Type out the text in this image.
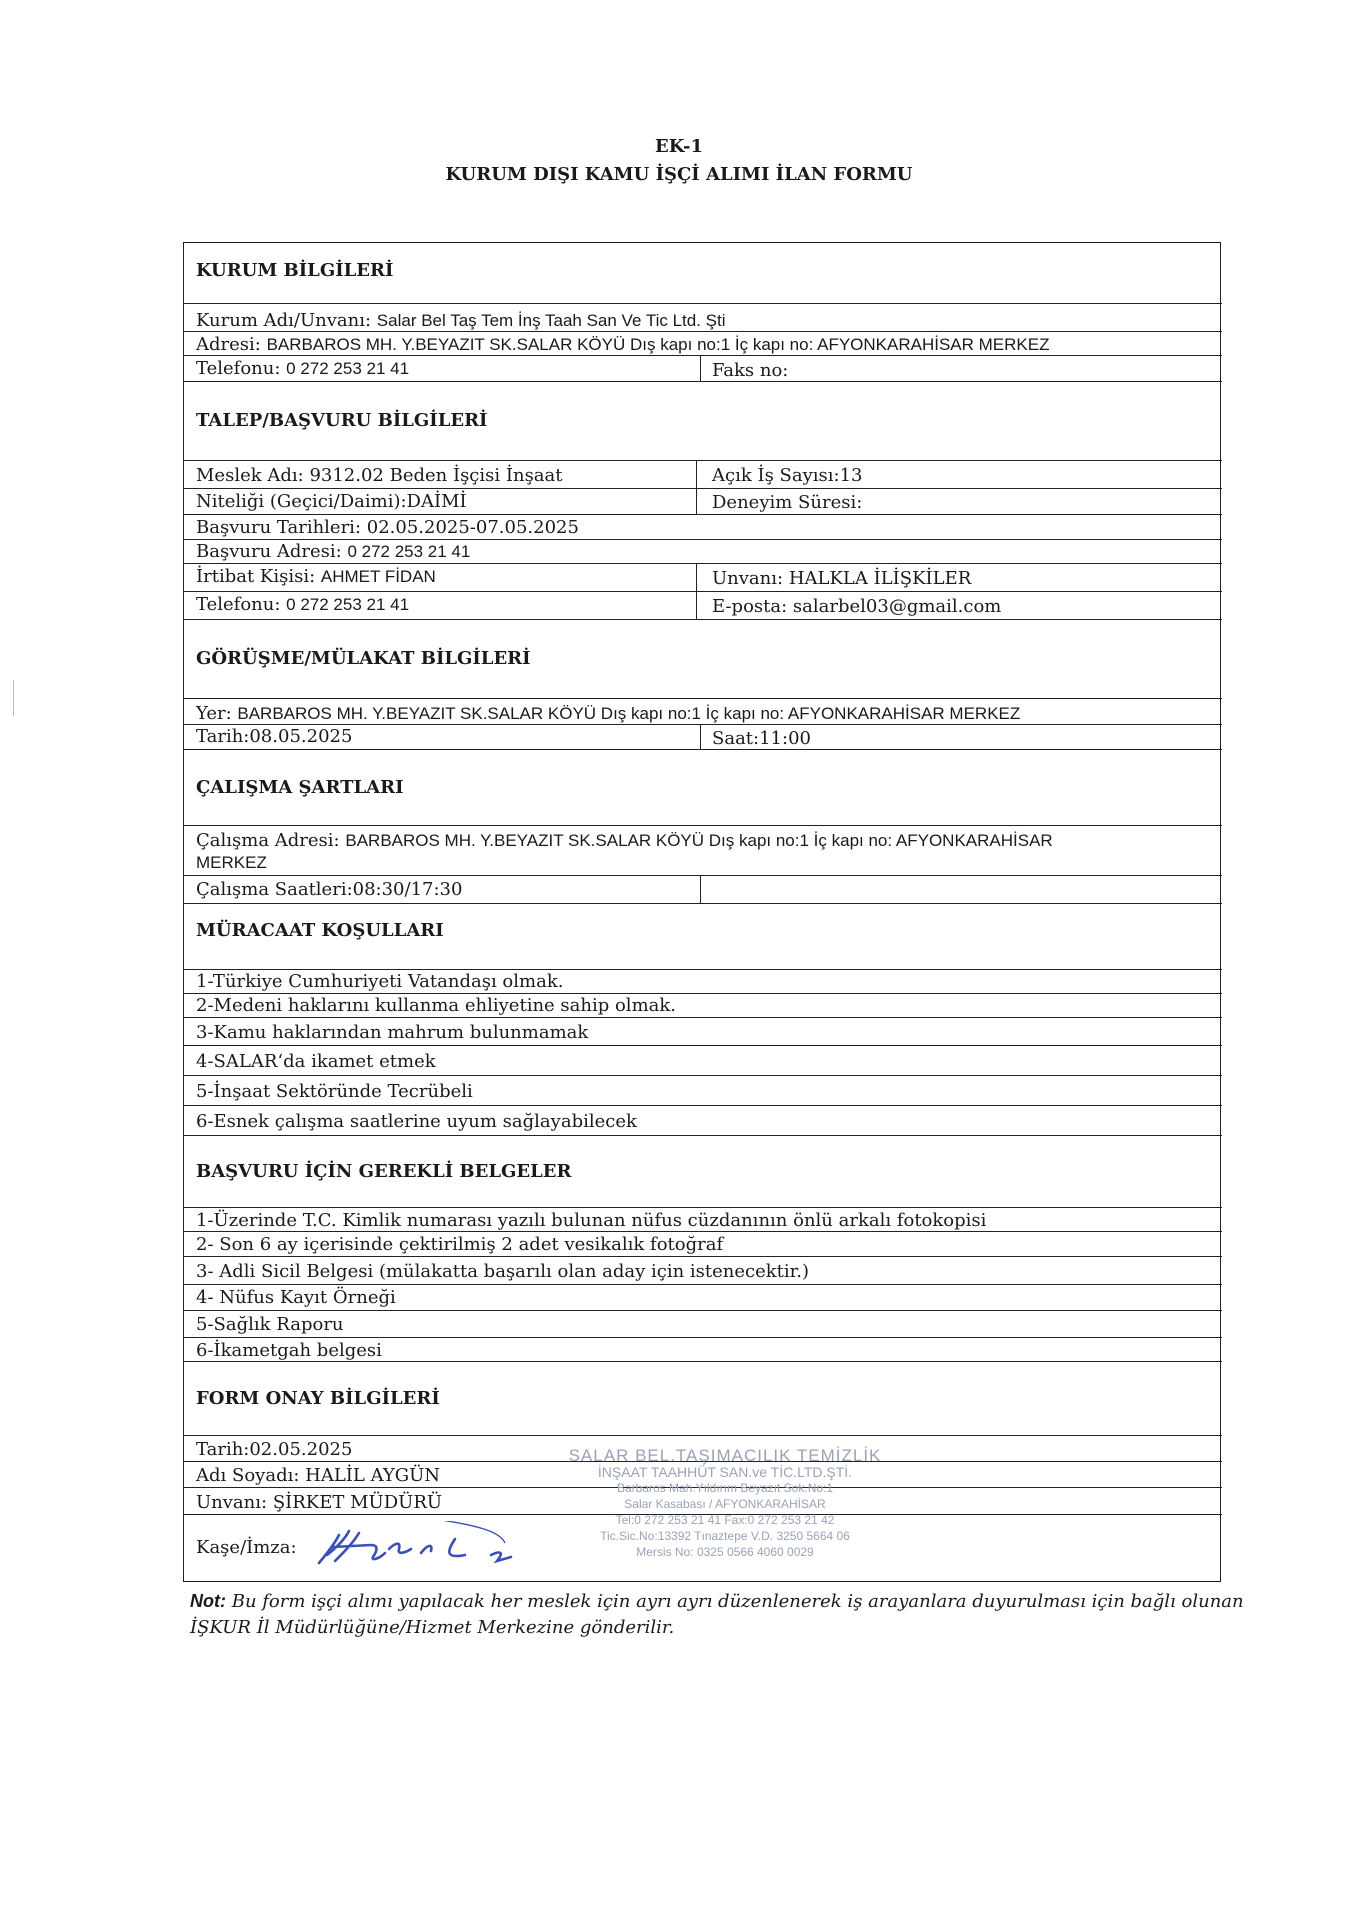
EK-1
KURUM DIŞI KAMU İŞÇİ ALIMI İLAN FORMU
KURUM BİLGİLERİ
Kurum Adı/Unvanı: Salar Bel Taş Tem İnş Taah San Ve Tic Ltd. Şti
Adresi: BARBAROS MH. Y.BEYAZIT SK.SALAR KÖYÜ Dış kapı no:1 İç kapı no: AFYONKARAHİSAR MERKEZ
Telefonu: 0 272 253 21 41	Faks no:
TALEP/BAŞVURU BİLGİLERİ
Meslek Adı: 9312.02 Beden İşçisi İnşaat	Açık İş Sayısı:13
Niteliği (Geçici/Daimi):DAİMİ	Deneyim Süresi:
Başvuru Tarihleri: 02.05.2025-07.05.2025
Başvuru Adresi: 0 272 253 21 41
İrtibat Kişisi: AHMET FİDAN	Unvanı: HALKLA İLİŞKİLER
Telefonu: 0 272 253 21 41	E-posta: salarbel03@gmail.com
GÖRÜŞME/MÜLAKAT BİLGİLERİ
Yer: BARBAROS MH. Y.BEYAZIT SK.SALAR KÖYÜ Dış kapı no:1 İç kapı no: AFYONKARAHİSAR MERKEZ
Tarih:08.05.2025	Saat:11:00
ÇALIŞMA ŞARTLARI
Çalışma Adresi: BARBAROS MH. Y.BEYAZIT SK.SALAR KÖYÜ Dış kapı no:1 İç kapı no: AFYONKARAHİSAR
MERKEZ
Çalışma Saatleri:08:30/17:30
MÜRACAAT KOŞULLARI
1-Türkiye Cumhuriyeti Vatandaşı olmak.
2-Medeni haklarını kullanma ehliyetine sahip olmak.
3-Kamu haklarından mahrum bulunmamak
4-SALAR‘da ikamet etmek
5-İnşaat Sektöründe Tecrübeli
6-Esnek çalışma saatlerine uyum sağlayabilecek
BAŞVURU İÇİN GEREKLİ BELGELER
1-Üzerinde T.C. Kimlik numarası yazılı bulunan nüfus cüzdanının önlü arkalı fotokopisi
2- Son 6 ay içerisinde çektirilmiş 2 adet vesikalık fotoğraf
3- Adli Sicil Belgesi (mülakatta başarılı olan aday için istenecektir.)
4- Nüfus Kayıt Örneği
5-Sağlık Raporu
6-İkametgah belgesi
FORM ONAY BİLGİLERİ
Tarih:02.05.2025
Adı Soyadı: HALİL AYGÜN
Unvanı: ŞİRKET MÜDÜRÜ
Kaşe/İmza:
SALAR BEL.TAŞIMACILIK TEMİZLİK
İNŞAAT TAAHHÜT SAN.ve TİC.LTD.ŞTİ.
Barbaros Mah.Yıldırım Beyazıt Sok.No:1
Salar Kasabası / AFYONKARAHİSAR
Tel:0 272 253 21 41 Fax:0 272 253 21 42
Tic.Sic.No:13392 Tınaztepe V.D. 3250 5664 06
Mersis No: 0325 0566 4060 0029
Not: Bu form işçi alımı yapılacak her meslek için ayrı ayrı düzenlenerek iş arayanlara duyurulması için bağlı olunan İŞKUR İl Müdürlüğüne/Hizmet Merkezine gönderilir.
